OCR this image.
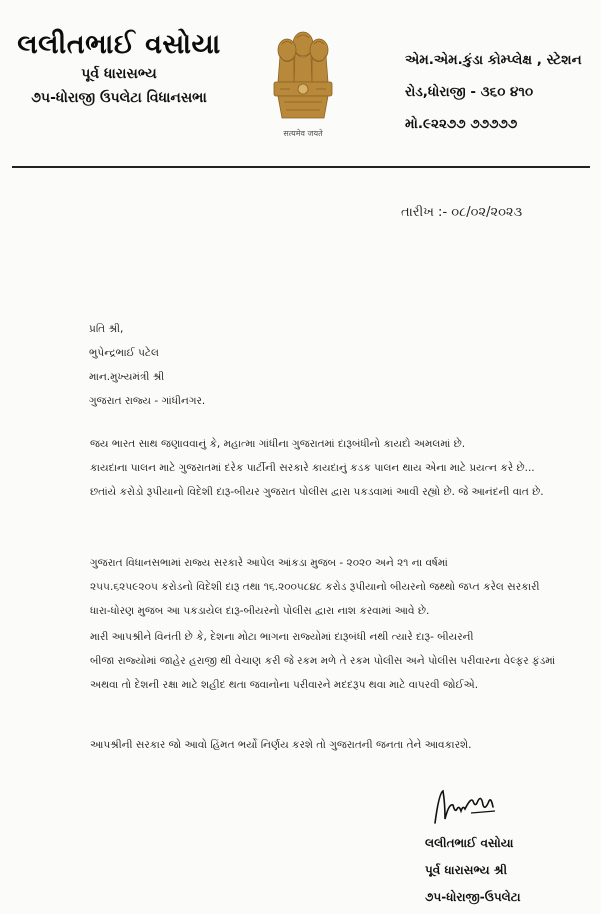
લલીતભાઈ વસોયા
પૂર્વ ધારાસભ્ય
૭૫-ધોરાજી ઉપલેટા વિધાનસભા
सत्यमेव जयते
એમ.એમ.કુંડા કોમ્પ્લેક્ષ , સ્ટેશન
રોડ,ધોરાજી - ૩૬૦ ૪૧૦
મો.૯૨૨૭૭ ૭૭૭૭૭
તારીખ :- ૦૮/૦૨/૨૦૨૩
પ્રતિ શ્રી,
ભુપેન્દ્રભાઈ પટેલ
માન.મુખ્યમંત્રી શ્રી
ગુજરાત રાજ્ય - ગાંધીનગર.
જય ભારત સાથ જણાવવાનું કે, મહાત્મા ગાંધીના ગુજરાતમાં દારૂબંધીનો કાયદો અમલમાં છે.
કાયદાના પાલન માટે ગુજરાતમાં દરેક પાર્ટીની સરકારે કાયદાનું કડક પાલન થાય એના માટે પ્રયત્ન કરે છે...
છતાંયે કરોડો રૂપીયાનો વિદેશી દારૂ-બીયર ગુજરાત પોલીસ દ્વારા પકડવામાં આવી રહ્યો છે. જે આનંદની વાત છે.
ગુજરાત વિધાનસભામાં રાજ્ય સરકારે આપેલ આંકડા મુજબ - ૨૦૨૦ અને ૨૧ ના વર્ષમાં
૨૫૫.૬૨૫૯૨૦૫ કરોડનો વિદેશી દારૂ તથા ૧૬.૨૦૦૫૮૪૮ કરોડ રૂપીયાનો બીયરનો જથ્થો જપ્ત કરેલ સરકારી
ધારા-ધોરણ મુજબ આ પકડાયેલ દારૂ-બીયરનો પોલીસ દ્વારા નાશ કરવામાં આવે છે.
મારી આપશ્રીને વિનંતી છે કે, દેશના મોટા ભાગના રાજ્યોમાં દારૂબંધી નથી ત્યારે દારૂ- બીયરની
બીજા રાજ્યોમાં જાહેર હરાજી થી વેચાણ કરી જે રકમ મળે તે રકમ પોલીસ અને પોલીસ પરીવારના વેલ્ફર ફંડમાં
અથવા તો દેશની રક્ષા માટે શહીદ થતા જવાનોના પરીવારને મદદરૂપ થવા માટે વાપરવી જોઈએ.
આપશ્રીની સરકાર જો આવો હિંમત ભર્યો નિર્ણય કરશે તો ગુજરાતની જનતા તેને આવકારશે.
લલીતભાઈ વસોયા
પૂર્વ ધારાસભ્ય શ્રી
૭૫-ધોરાજી-ઉપલેટા
